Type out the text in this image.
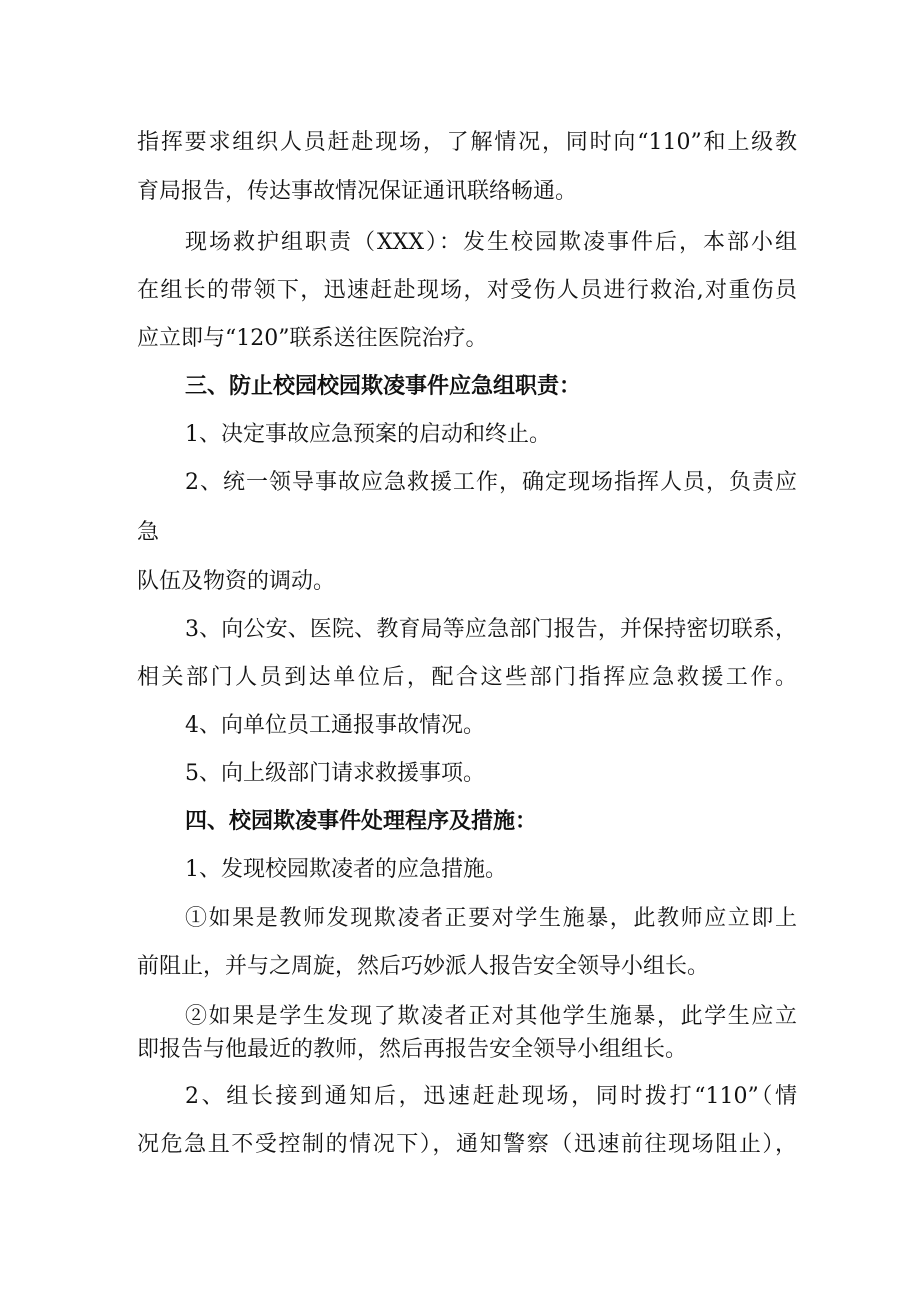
指挥要求组织人员赶赴现场，了解情况，同时向“110”和上级教
育局报告，传达事故情况保证通讯联络畅通。
现场救护组职责（XXX）：发生校园欺凌事件后，本部小组
在组长的带领下，迅速赶赴现场，对受伤人员进行救治,对重伤员
应立即与“120”联系送往医院治疗。
三、防止校园校园欺凌事件应急组职责：
1、决定事故应急预案的启动和终止。
2、统一领导事故应急救援工作，确定现场指挥人员，负责应
急
队伍及物资的调动。
3、向公安、医院、教育局等应急部门报告，并保持密切联系，
相关部门人员到达单位后，配合这些部门指挥应急救援工作。
4、向单位员工通报事故情况。
5、向上级部门请求救援事项。
四、校园欺凌事件处理程序及措施：
1、发现校园欺凌者的应急措施。
①如果是教师发现欺凌者正要对学生施暴，此教师应立即上
前阻止，并与之周旋，然后巧妙派人报告安全领导小组长。
②如果是学生发现了欺凌者正对其他学生施暴，此学生应立
即报告与他最近的教师，然后再报告安全领导小组组长。
2、组长接到通知后，迅速赶赴现场，同时拨打“110”（情
况危急且不受控制的情况下），通知警察（迅速前往现场阻止），
